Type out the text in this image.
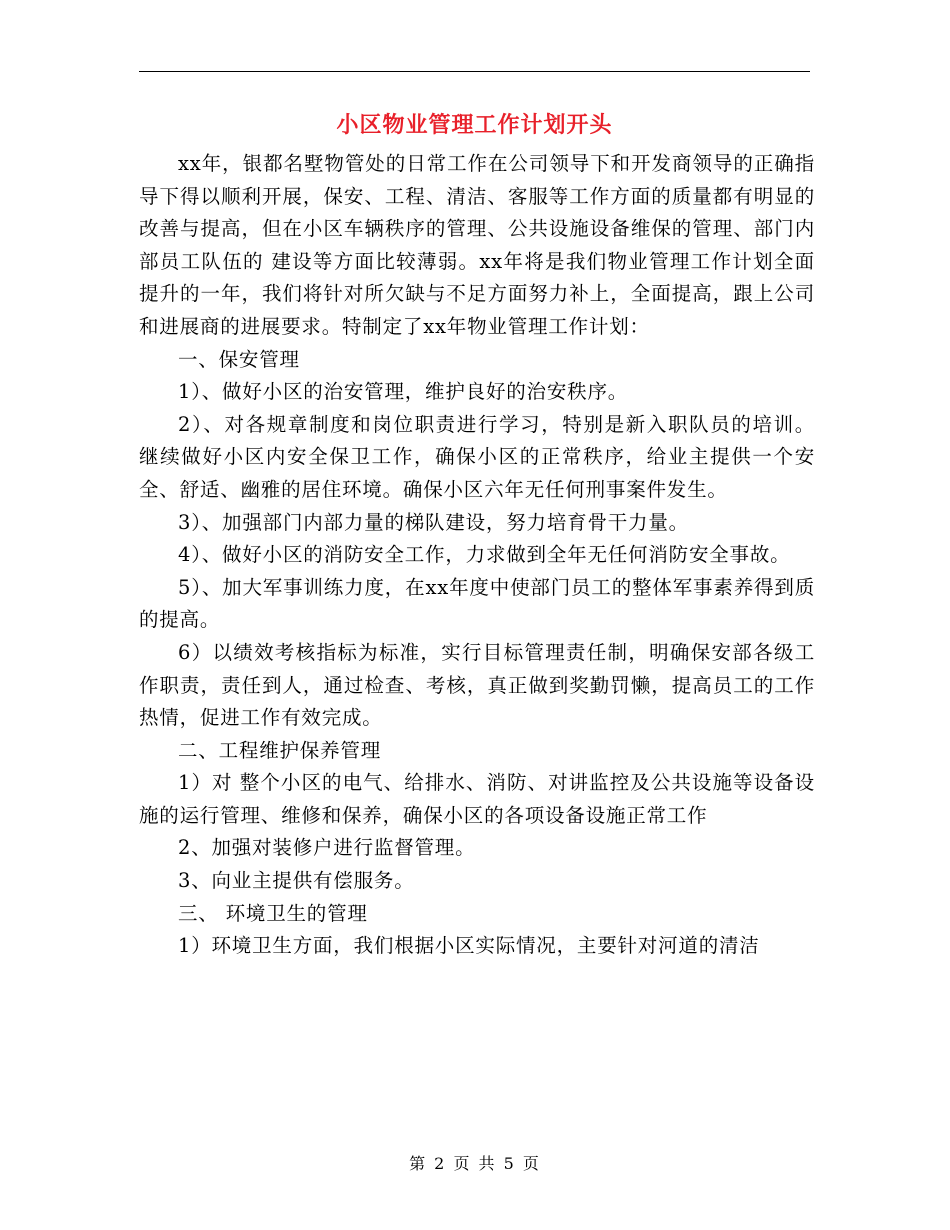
小区物业管理工作计划开头

xx年，银都名墅物管处的日常工作在公司领导下和开发商领导的正确指导下得以顺利开展，保安、工程、清洁、客服等工作方面的质量都有明显的改善与提高，但在小区车辆秩序的管理、公共设施设备维保的管理、部门内部员工队伍的 建设等方面比较薄弱。xx年将是我们物业管理工作计划全面提升的一年，我们将针对所欠缺与不足方面努力补上，全面提高，跟上公司和进展商的进展要求。特制定了xx年物业管理工作计划：

一、保安管理

1）、做好小区的治安管理，维护良好的治安秩序。

2）、对各规章制度和岗位职责进行学习，特别是新入职队员的培训。 继续做好小区内安全保卫工作，确保小区的正常秩序，给业主提供一个安全、舒适、幽雅的居住环境。确保小区六年无任何刑事案件发生。

3）、加强部门内部力量的梯队建设，努力培育骨干力量。

4）、做好小区的消防安全工作，力求做到全年无任何消防安全事故。

5）、加大军事训练力度，在xx年度中使部门员工的整体军事素养得到质的提高。

6）以绩效考核指标为标准，实行目标管理责任制，明确保安部各级工作职责，责任到人，通过检查、考核，真正做到奖勤罚懒，提高员工的工作热情，促进工作有效完成。

二、工程维护保养管理

1）对 整个小区的电气、给排水、消防、对讲监控及公共设施等设备设施的运行管理、维修和保养，确保小区的各项设备设施正常工作

2、加强对装修户进行监督管理。

3、向业主提供有偿服务。

三、 环境卫生的管理

1）环境卫生方面，我们根据小区实际情况，主要针对河道的清洁

第 2 页 共 5 页
